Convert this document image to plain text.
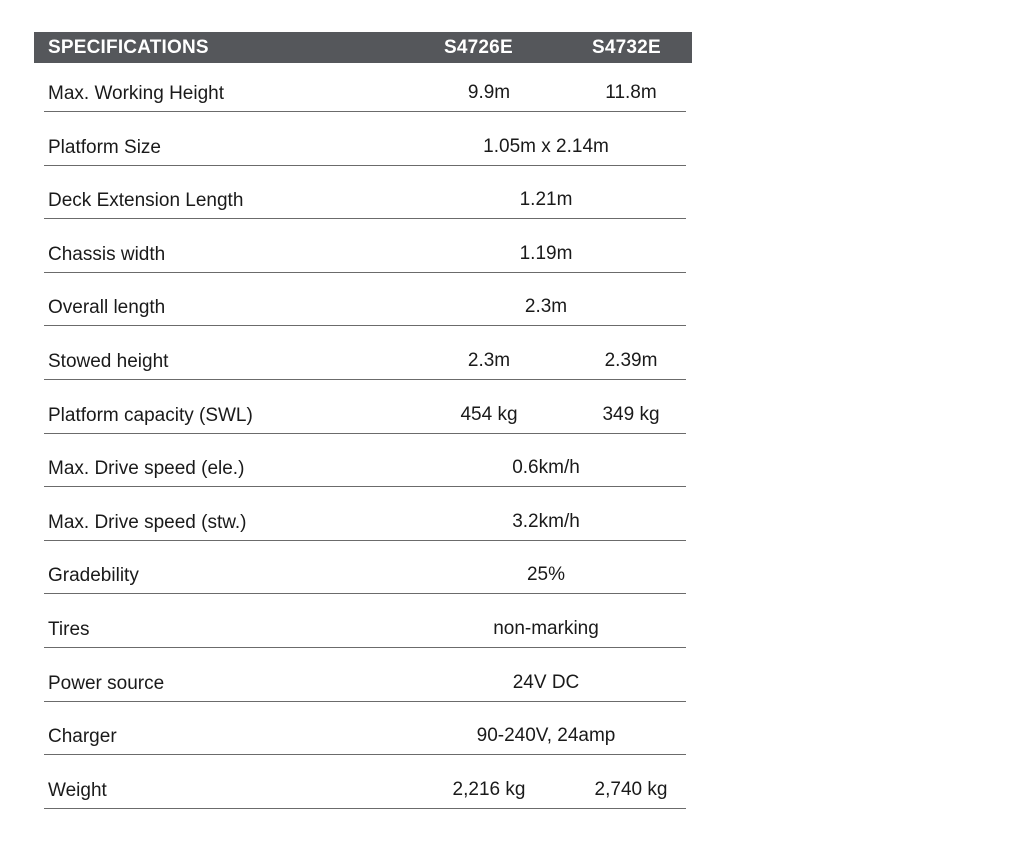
SPECIFICATIONS	S4726E	S4732E
Max. Working Height	9.9m	11.8m
Platform Size	1.05m x 2.14m
Deck Extension Length	1.21m
Chassis width	1.19m
Overall length	2.3m
Stowed height	2.3m	2.39m
Platform capacity (SWL)	454 kg	349 kg
Max. Drive speed (ele.)	0.6km/h
Max. Drive speed (stw.)	3.2km/h
Gradebility	25%
Tires	non-marking
Power source	24V DC
Charger	90-240V, 24amp
Weight	2,216 kg	2,740 kg
